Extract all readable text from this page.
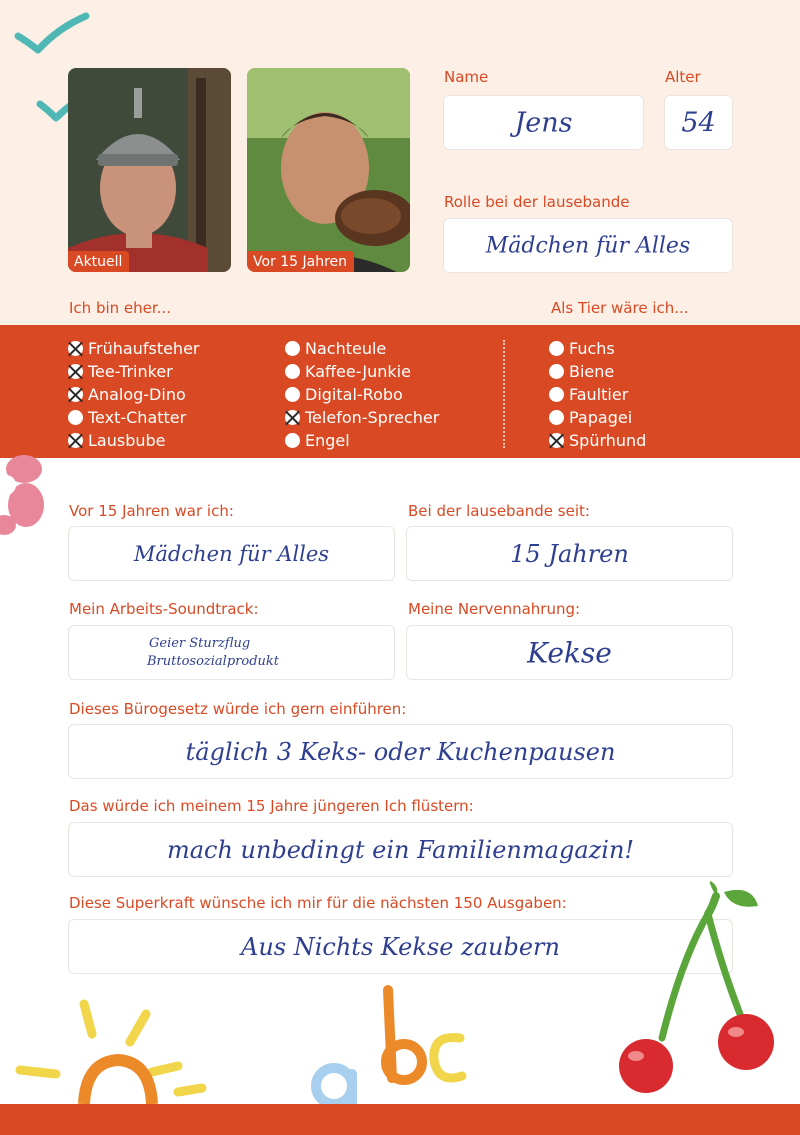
Aktuell	Vor 15 Jahren
Name
Jens
Alter
54
Rolle bei der lausebande
Mädchen für Alles
Ich bin eher...	Als Tier wäre ich...
Frühaufsteher
Tee-Trinker
Analog-Dino
Text-Chatter
Lausbube
Nachteule
Kaffee-Junkie
Digital-Robo
Telefon-Sprecher
Engel
Fuchs
Biene
Faultier
Papagei
Spürhund
Vor 15 Jahren war ich:
Mädchen für Alles
Bei der lausebande seit:
15 Jahren
Mein Arbeits-Soundtrack:
Geier Sturzflug
Bruttosozialprodukt
Meine Nervennahrung:
Kekse
Dieses Bürogesetz würde ich gern einführen:
täglich 3 Keks- oder Kuchenpausen
Das würde ich meinem 15 Jahre jüngeren Ich flüstern:
mach unbedingt ein Familienmagazin!
Diese Superkraft wünsche ich mir für die nächsten 150 Ausgaben:
Aus Nichts Kekse zaubern
